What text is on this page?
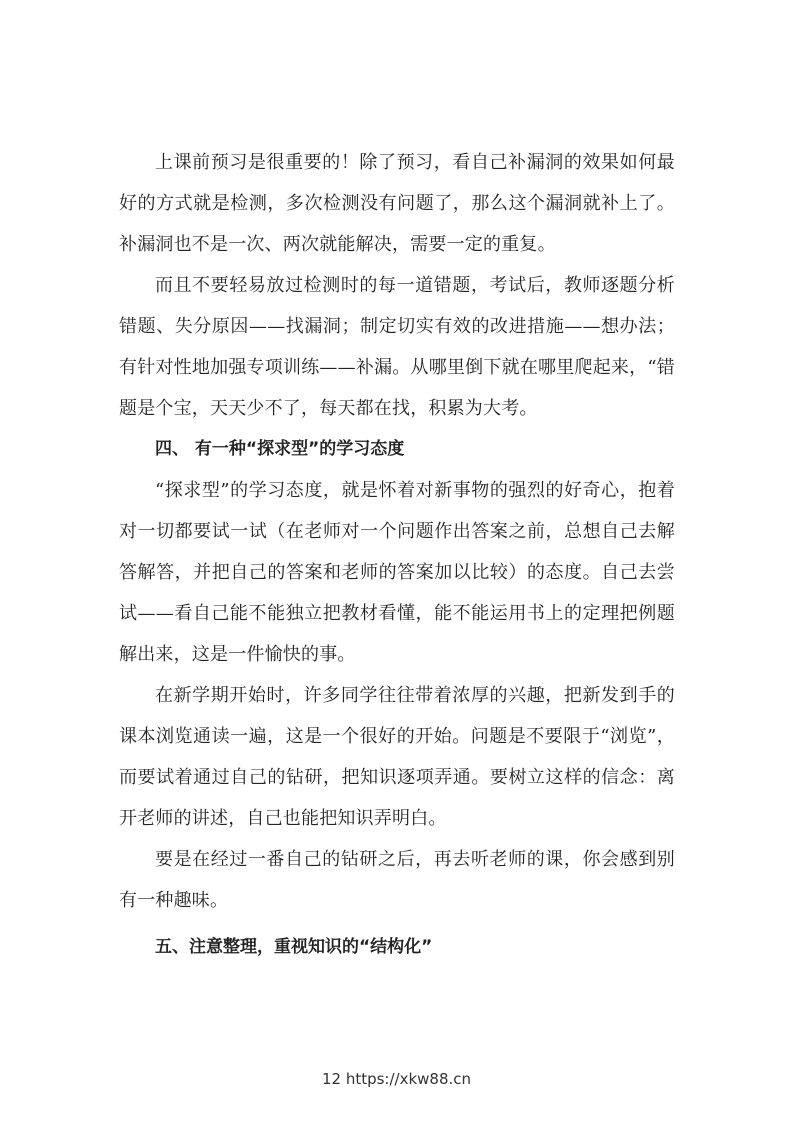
上课前预习是很重要的！除了预习，看自己补漏洞的效果如何最好的方式就是检测，多次检测没有问题了，那么这个漏洞就补上了。补漏洞也不是一次、两次就能解决，需要一定的重复。

而且不要轻易放过检测时的每一道错题，考试后，教师逐题分析错题、失分原因——找漏洞；制定切实有效的改进措施——想办法；有针对性地加强专项训练——补漏。从哪里倒下就在哪里爬起来，“错题是个宝，天天少不了，每天都在找，积累为大考。

四、 有一种“探求型”的学习态度

“探求型”的学习态度，就是怀着对新事物的强烈的好奇心，抱着对一切都要试一试（在老师对一个问题作出答案之前，总想自己去解答解答，并把自己的答案和老师的答案加以比较）的态度。自己去尝试——看自己能不能独立把教材看懂，能不能运用书上的定理把例题解出来，这是一件愉快的事。

在新学期开始时，许多同学往往带着浓厚的兴趣，把新发到手的课本浏览通读一遍，这是一个很好的开始。问题是不要限于“浏览”，而要试着通过自己的钻研，把知识逐项弄通。要树立这样的信念：离开老师的讲述，自己也能把知识弄明白。

要是在经过一番自己的钻研之后，再去听老师的课，你会感到别有一种趣味。

五、注意整理，重视知识的“结构化”

12 https://xkw88.cn
